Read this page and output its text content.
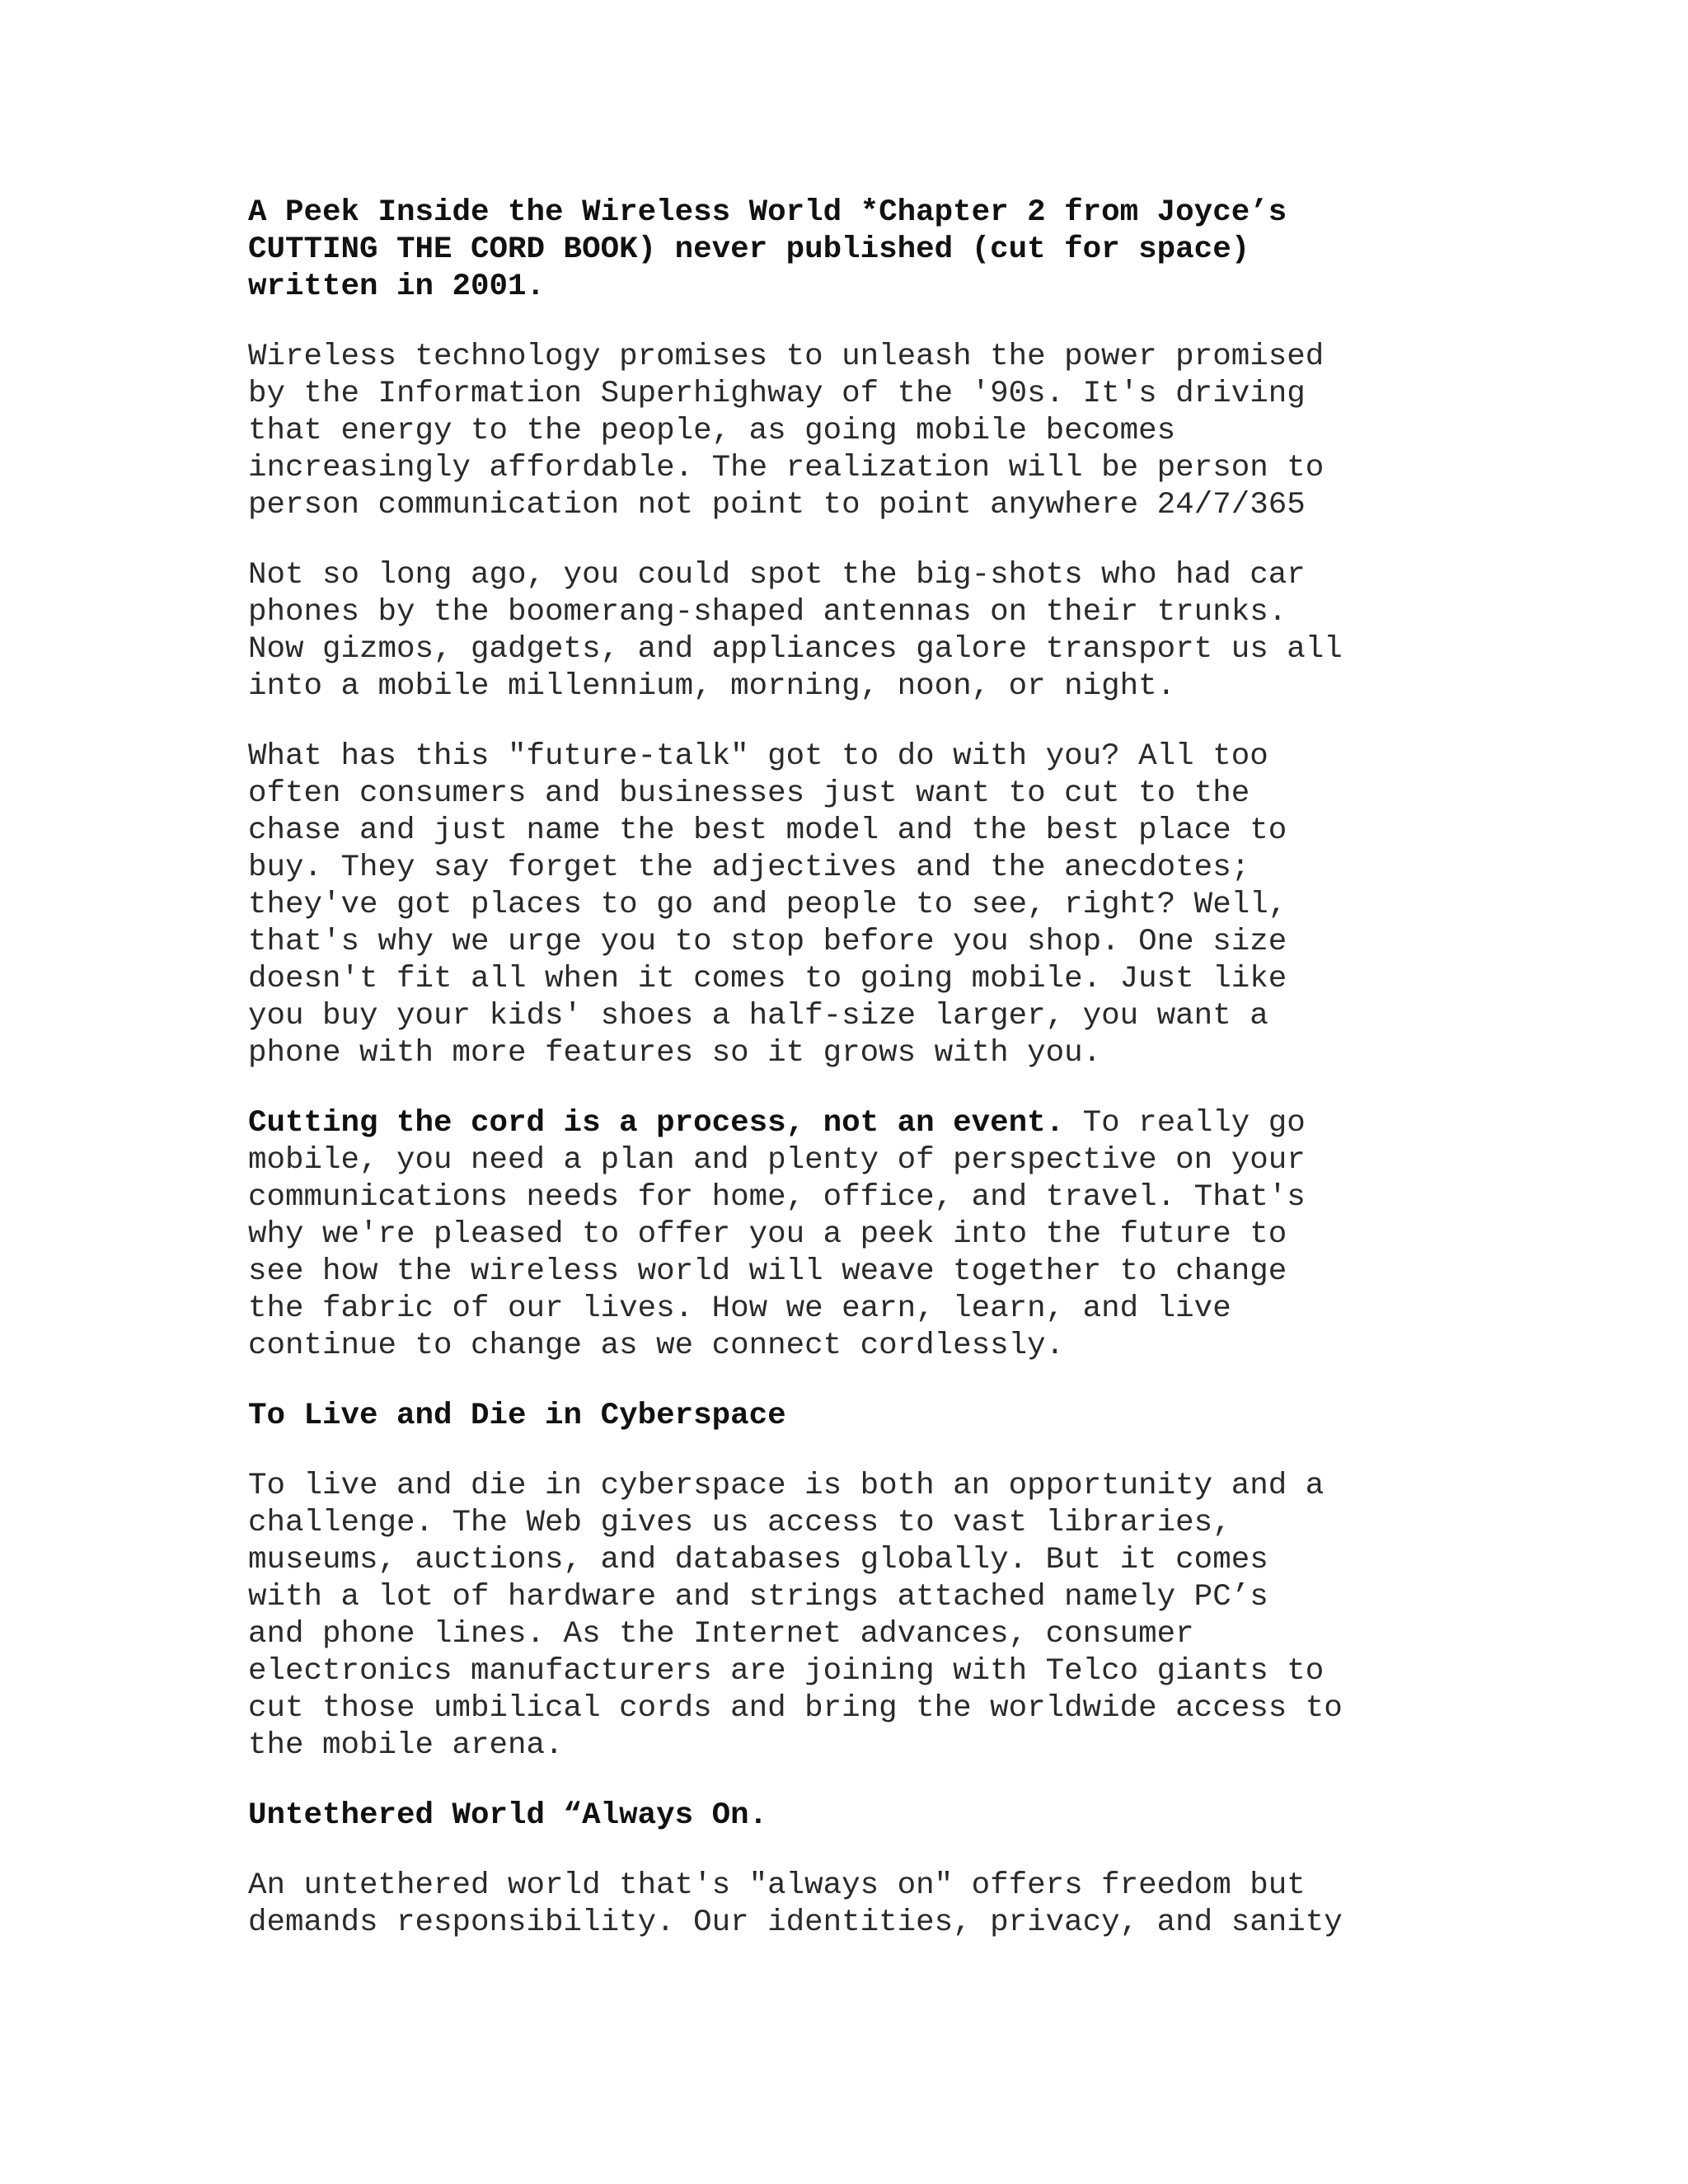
A Peek Inside the Wireless World *Chapter 2 from Joyce’s
CUTTING THE CORD BOOK) never published (cut for space)
written in 2001.
Wireless technology promises to unleash the power promised
by the Information Superhighway of the '90s. It's driving
that energy to the people, as going mobile becomes
increasingly affordable. The realization will be person to
person communication not point to point anywhere 24/7/365
Not so long ago, you could spot the big-shots who had car
phones by the boomerang-shaped antennas on their trunks.
Now gizmos, gadgets, and appliances galore transport us all
into a mobile millennium, morning, noon, or night.
What has this "future-talk" got to do with you? All too
often consumers and businesses just want to cut to the
chase and just name the best model and the best place to
buy. They say forget the adjectives and the anecdotes;
they've got places to go and people to see, right? Well,
that's why we urge you to stop before you shop. One size
doesn't fit all when it comes to going mobile. Just like
you buy your kids' shoes a half-size larger, you want a
phone with more features so it grows with you.
Cutting the cord is a process, not an event. To really go
mobile, you need a plan and plenty of perspective on your
communications needs for home, office, and travel. That's
why we're pleased to offer you a peek into the future to
see how the wireless world will weave together to change
the fabric of our lives. How we earn, learn, and live
continue to change as we connect cordlessly.
To Live and Die in Cyberspace
To live and die in cyberspace is both an opportunity and a
challenge. The Web gives us access to vast libraries,
museums, auctions, and databases globally. But it comes
with a lot of hardware and strings attached namely PC’s
and phone lines. As the Internet advances, consumer
electronics manufacturers are joining with Telco giants to
cut those umbilical cords and bring the worldwide access to
the mobile arena.
Untethered World “Always On.
An untethered world that's "always on" offers freedom but
demands responsibility. Our identities, privacy, and sanity
